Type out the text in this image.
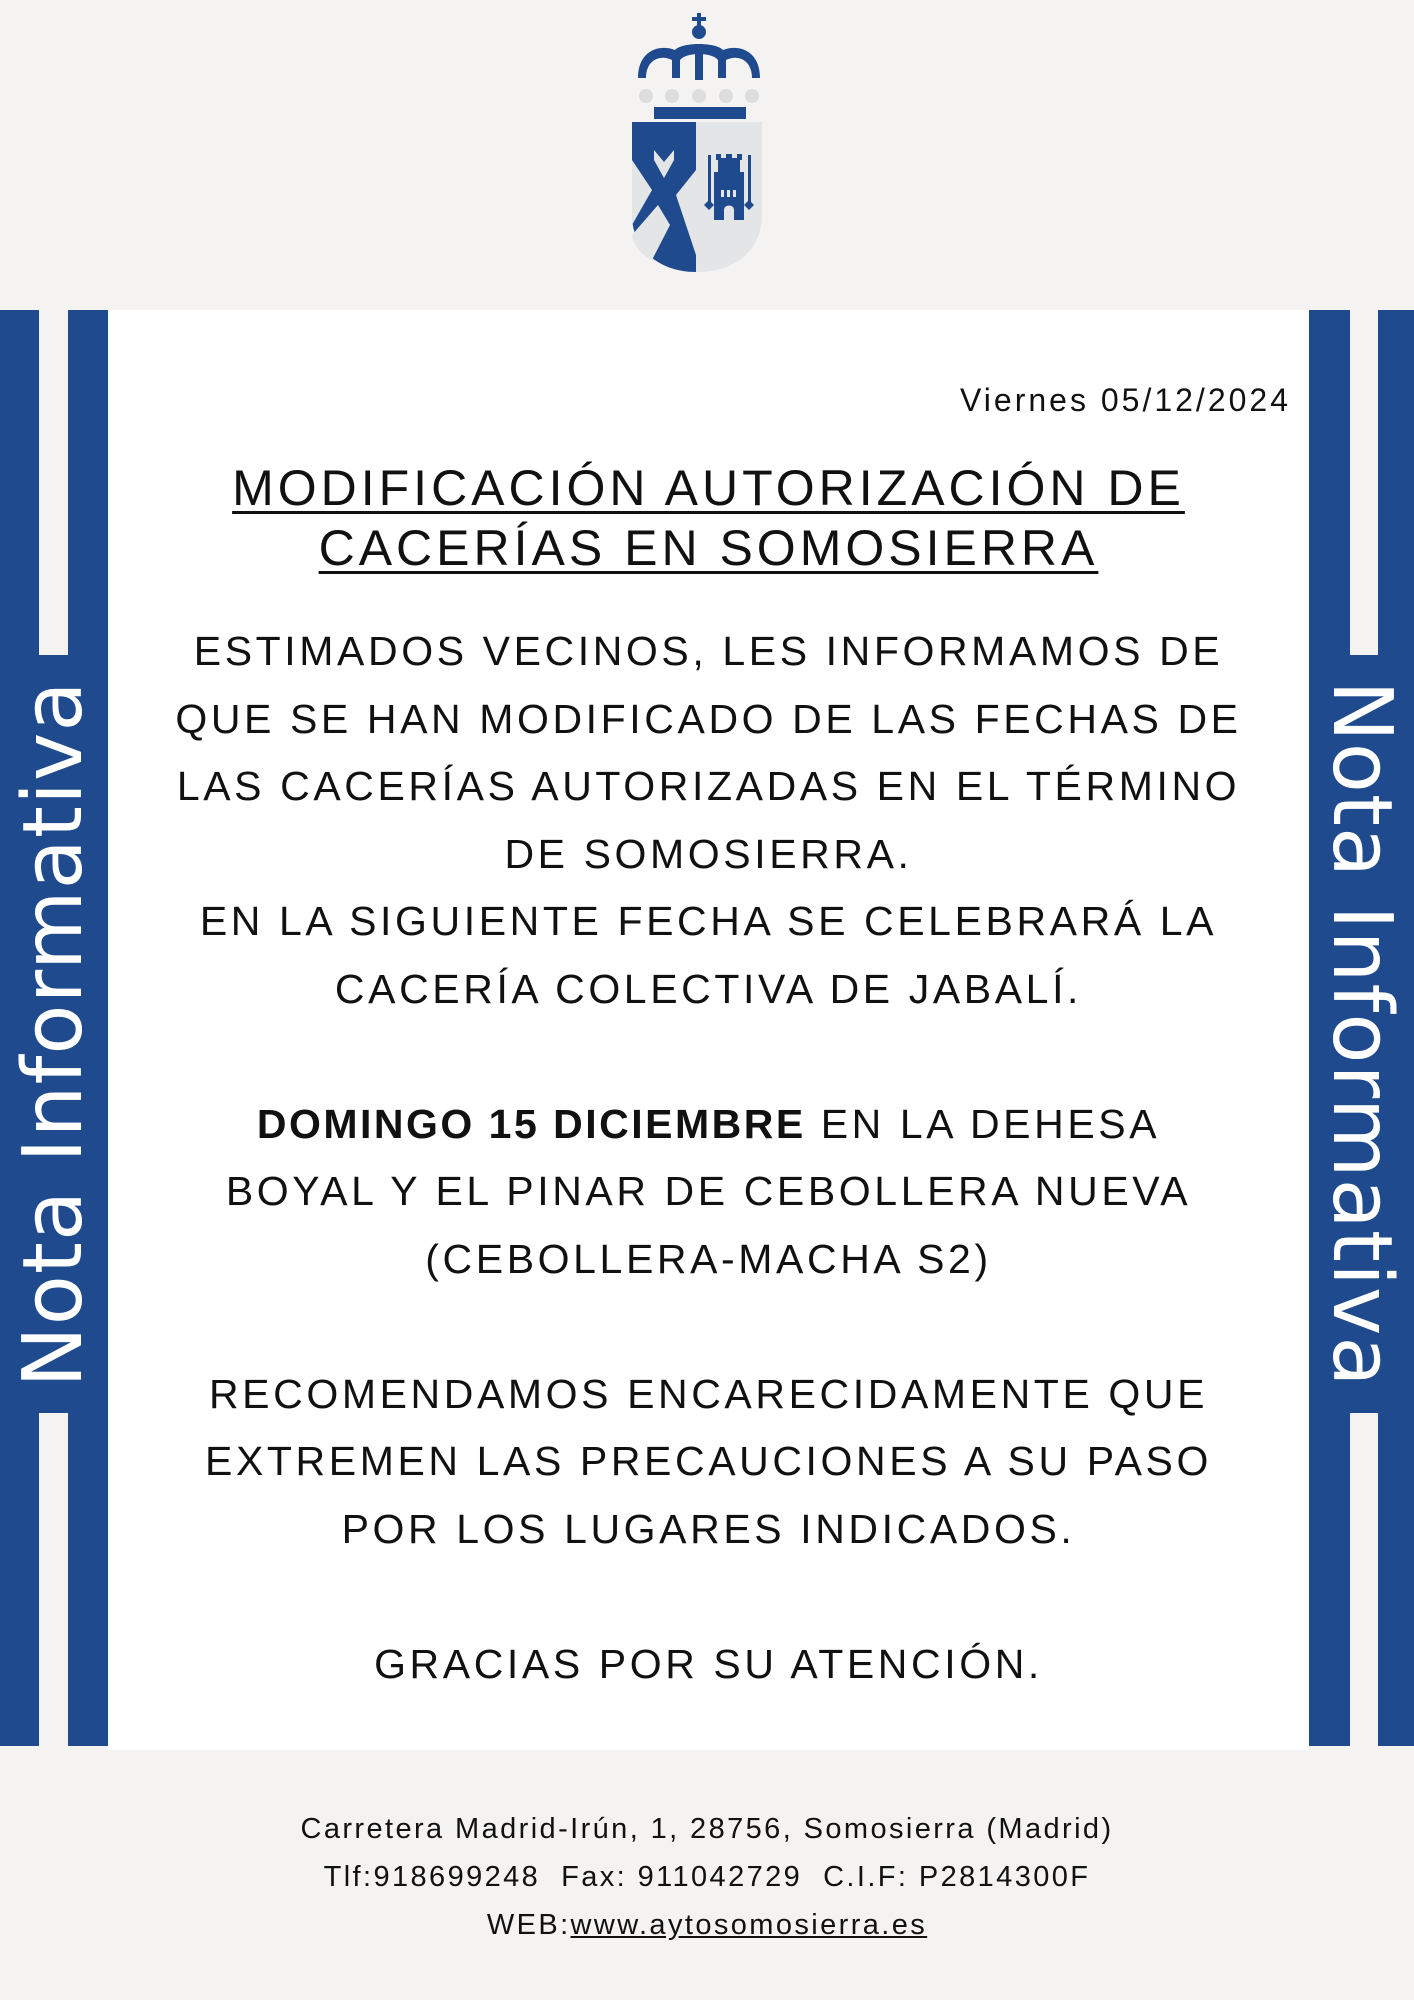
Nota Informativa	Nota Informativa
Viernes 05/12/2024
MODIFICACIÓN AUTORIZACIÓN DE
CACERÍAS EN SOMOSIERRA
ESTIMADOS VECINOS, LES INFORMAMOS DE
QUE SE HAN MODIFICADO DE LAS FECHAS DE
LAS CACERÍAS AUTORIZADAS EN EL TÉRMINO
DE SOMOSIERRA.
EN LA SIGUIENTE FECHA SE CELEBRARÁ LA
CACERÍA COLECTIVA DE JABALÍ.
DOMINGO 15 DICIEMBRE EN LA DEHESA
BOYAL Y EL PINAR DE CEBOLLERA NUEVA
(CEBOLLERA-MACHA S2)
RECOMENDAMOS ENCARECIDAMENTE QUE
EXTREMEN LAS PRECAUCIONES A SU PASO
POR LOS LUGARES INDICADOS.
GRACIAS POR SU ATENCIÓN.
Carretera Madrid-Irún, 1, 28756, Somosierra (Madrid)
Tlf:918699248  Fax: 911042729  C.I.F: P2814300F
WEB:www.aytosomosierra.es
